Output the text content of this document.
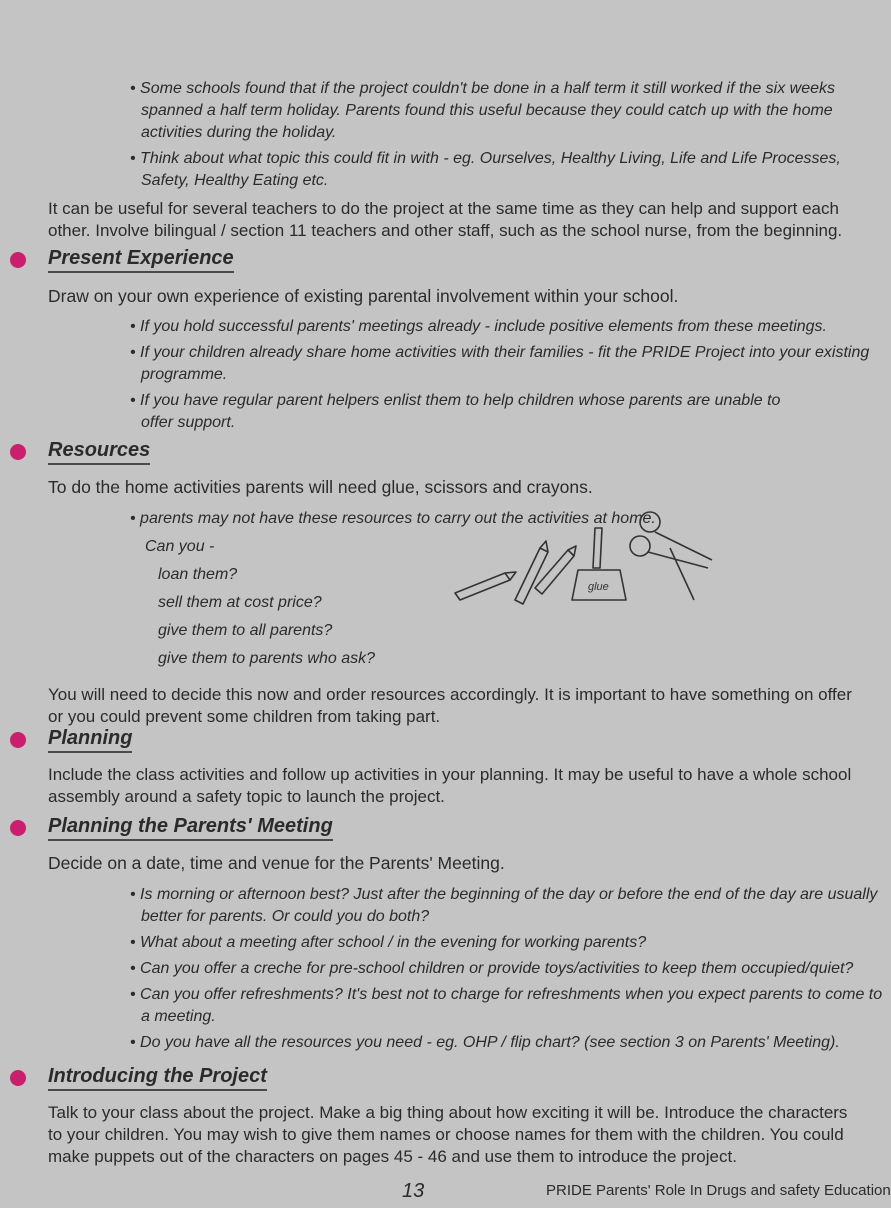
• Some schools found that if the project couldn't be done in a half term it still worked if the six weeks
spanned a half term holiday. Parents found this useful because they could catch up with the home
activities during the holiday.
• Think about what topic this could fit in with - eg. Ourselves, Healthy Living, Life and Life Processes,
Safety, Healthy Eating etc.
It can be useful for several teachers to do the project at the same time as they can help and support each
other. Involve bilingual / section 11 teachers and other staff, such as the school nurse, from the beginning.
Present Experience
Draw on your own experience of existing parental involvement within your school.
• If you hold successful parents' meetings already - include positive elements from these meetings.
• If your children already share home activities with their families - fit the PRIDE Project into your existing
programme.
• If you have regular parent helpers enlist them to help children whose parents are unable to
offer support.
Resources
To do the home activities parents will need glue, scissors and crayons.
• parents may not have these resources to carry out the activities at home.
Can you -
loan them?
sell them at cost price?
give them to all parents?
give them to parents who ask?
glue
You will need to decide this now and order resources accordingly. It is important to have something on offer
or you could prevent some children from taking part.
Planning
Include the class activities and follow up activities in your planning. It may be useful to have a whole school
assembly around a safety topic to launch the project.
Planning the Parents' Meeting
Decide on a date, time and venue for the Parents' Meeting.
• Is morning or afternoon best? Just after the beginning of the day or before the end of the day are usually
better for parents. Or could you do both?
• What about a meeting after school / in the evening for working parents?
• Can you offer a creche for pre-school children or provide toys/activities to keep them occupied/quiet?
• Can you offer refreshments? It's best not to charge for refreshments when you expect parents to come to
a meeting.
• Do you have all the resources you need - eg. OHP / flip chart? (see section 3 on Parents' Meeting).
Introducing the Project
Talk to your class about the project. Make a big thing about how exciting it will be. Introduce the characters
to your children. You may wish to give them names or choose names for them with the children. You could
make puppets out of the characters on pages 45 - 46 and use them to introduce the project.
13	PRIDE Parents' Role In Drugs and safety Education
